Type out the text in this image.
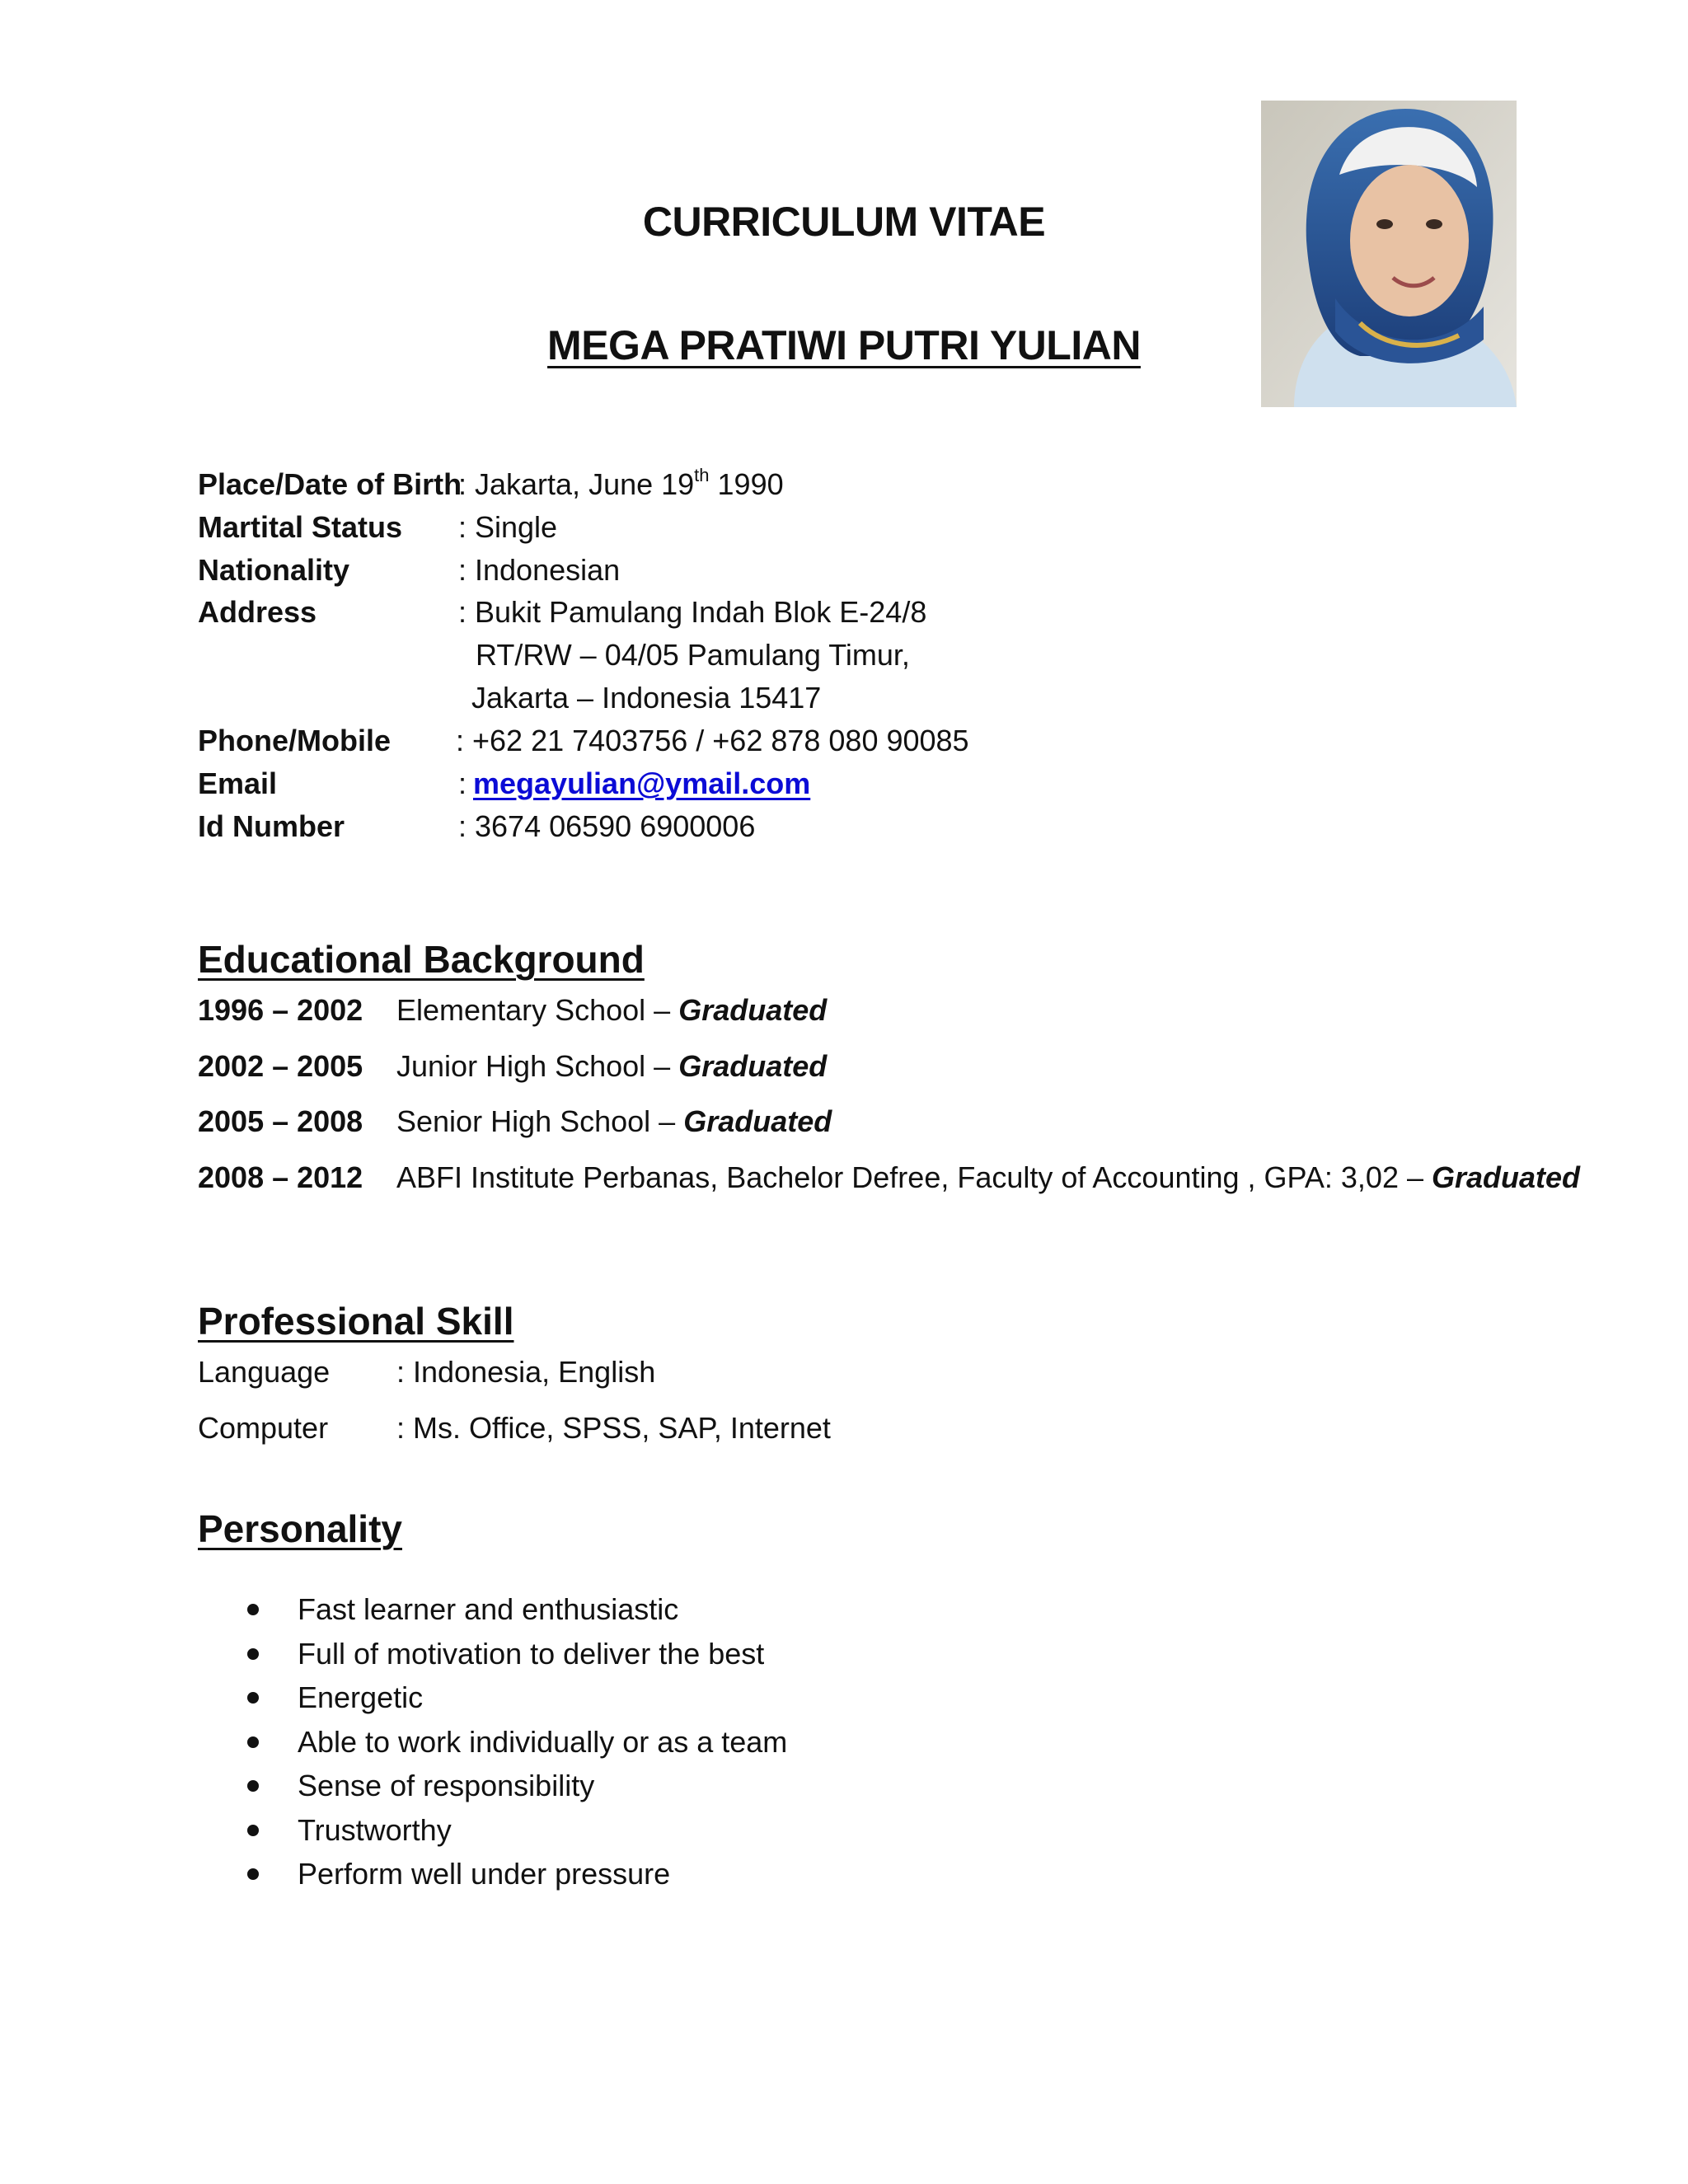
CURRICULUM VITAE
MEGA PRATIWI PUTRI YULIAN
Place/Date of Birth
: Jakarta, June 19th 1990
Martital Status : Single
Nationality	: Indonesian
Address	: Bukit Pamulang Indah Blok E-24/8
RT/RW – 04/05 Pamulang Timur,
Jakarta – Indonesia 15417
Phone/Mobile : +62 21 7403756 / +62 878 080 90085
Email	: megayulian@ymail.com
Id Number	: 3674 06590 6900006
Educational Background
1996 – 2002 Elementary School – Graduated
2002 – 2005 Junior High School – Graduated
2005 – 2008 Senior High School – Graduated
2008 – 2012 ABFI Institute Perbanas, Bachelor Defree, Faculty of Accounting , GPA: 3,02 – Graduated
Professional Skill
Language : Indonesia, English
Computer : Ms. Office, SPSS, SAP, Internet
Personality
Fast learner and enthusiastic
Full of motivation to deliver the best
Energetic
Able to work individually or as a team
Sense of responsibility
Trustworthy
Perform well under pressure
